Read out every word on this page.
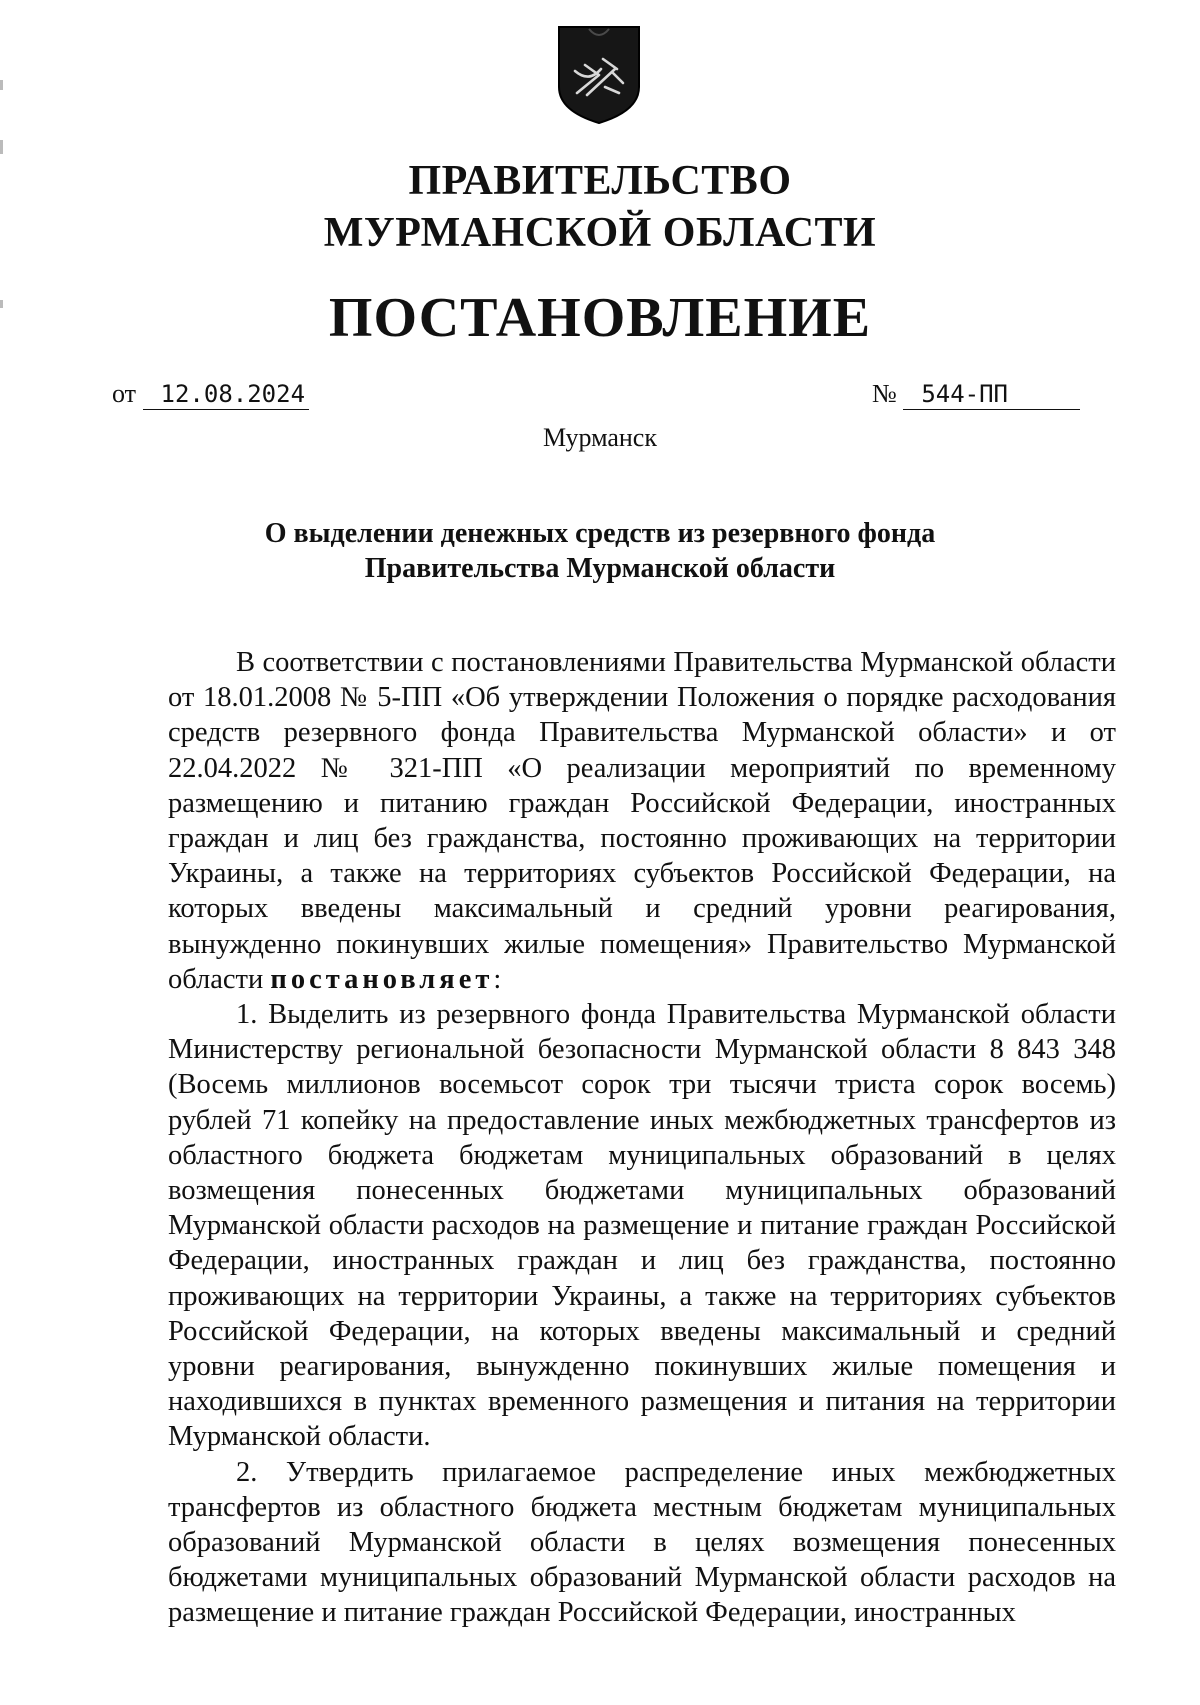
ПРАВИТЕЛЬСТВО
МУРМАНСКОЙ ОБЛАСТИ
ПОСТАНОВЛЕНИЕ
от 12.08.2024	№ 544-ПП
Мурманск
О выделении денежных средств из резервного фонда
Правительства Мурманской области

В соответствии с постановлениями Правительства Мурманской области от 18.01.2008 № 5-ПП «Об утверждении Положения о порядке расходования средств резервного фонда Правительства Мурманской области» и от 22.04.2022 № 321-ПП «О реализации мероприятий по временному размещению и питанию граждан Российской Федерации, иностранных граждан и лиц без гражданства, постоянно проживающих на территории Украины, а также на территориях субъектов Российской Федерации, на которых введены максимальный и средний уровни реагирования, вынужденно покинувших жилые помещения» Правительство Мурманской области постановляет:

1. Выделить из резервного фонда Правительства Мурманской области Министерству региональной безопасности Мурманской области 8 843 348 (Восемь миллионов восемьсот сорок три тысячи триста сорок восемь) рублей 71 копейку на предоставление иных межбюджетных трансфертов из областного бюджета бюджетам муниципальных образований в целях возмещения понесенных бюджетами муниципальных образований Мурманской области расходов на размещение и питание граждан Российской Федерации, иностранных граждан и лиц без гражданства, постоянно проживающих на территории Украины, а также на территориях субъектов Российской Федерации, на которых введены максимальный и средний уровни реагирования, вынужденно покинувших жилые помещения и находившихся в пунктах временного размещения и питания на территории Мурманской области.

2. Утвердить прилагаемое распределение иных межбюджетных трансфертов из областного бюджета местным бюджетам муниципальных образований Мурманской области в целях возмещения понесенных бюджетами муниципальных образований Мурманской области расходов на размещение и питание граждан Российской Федерации, иностранных
